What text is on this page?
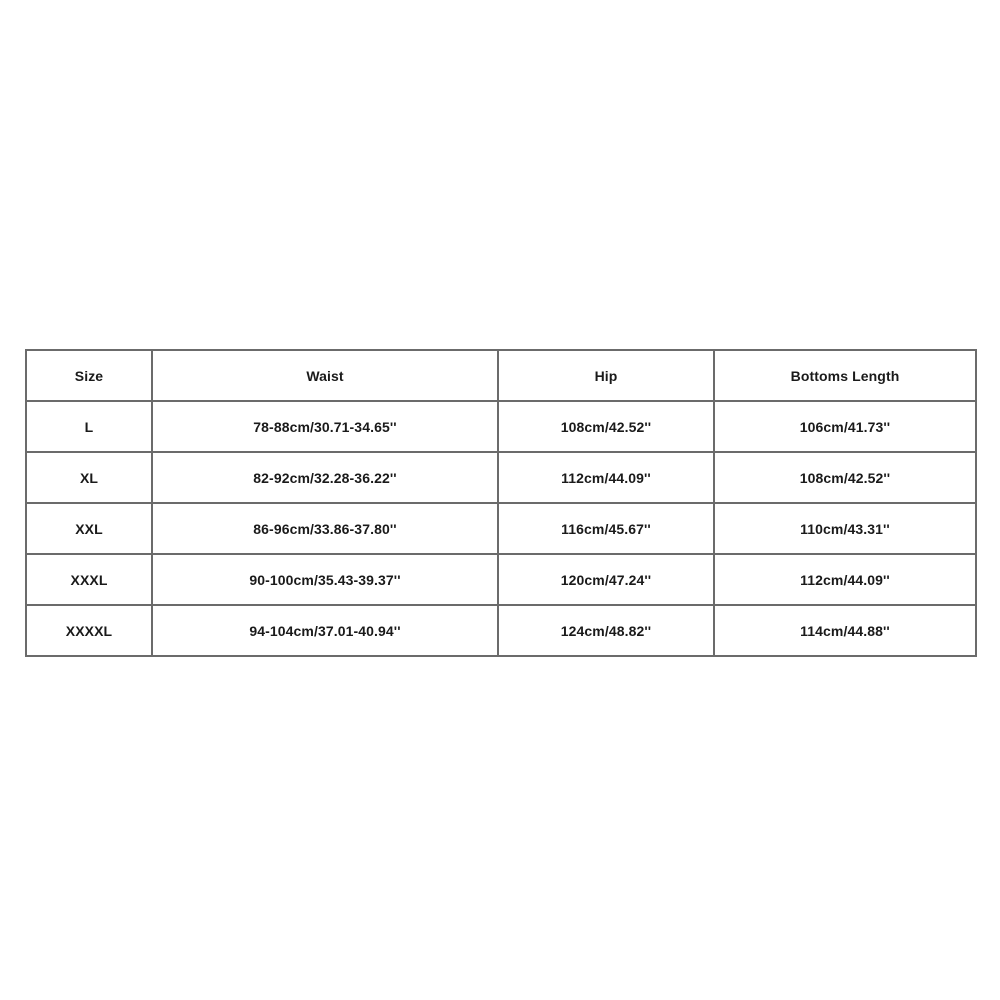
Size	Waist	Hip	Bottoms Length
L	78-88cm/30.71-34.65''	108cm/42.52''	106cm/41.73''
XL	82-92cm/32.28-36.22''	112cm/44.09''	108cm/42.52''
XXL	86-96cm/33.86-37.80''	116cm/45.67''	110cm/43.31''
XXXL	90-100cm/35.43-39.37''	120cm/47.24''	112cm/44.09''
XXXXL	94-104cm/37.01-40.94''	124cm/48.82''	114cm/44.88''
